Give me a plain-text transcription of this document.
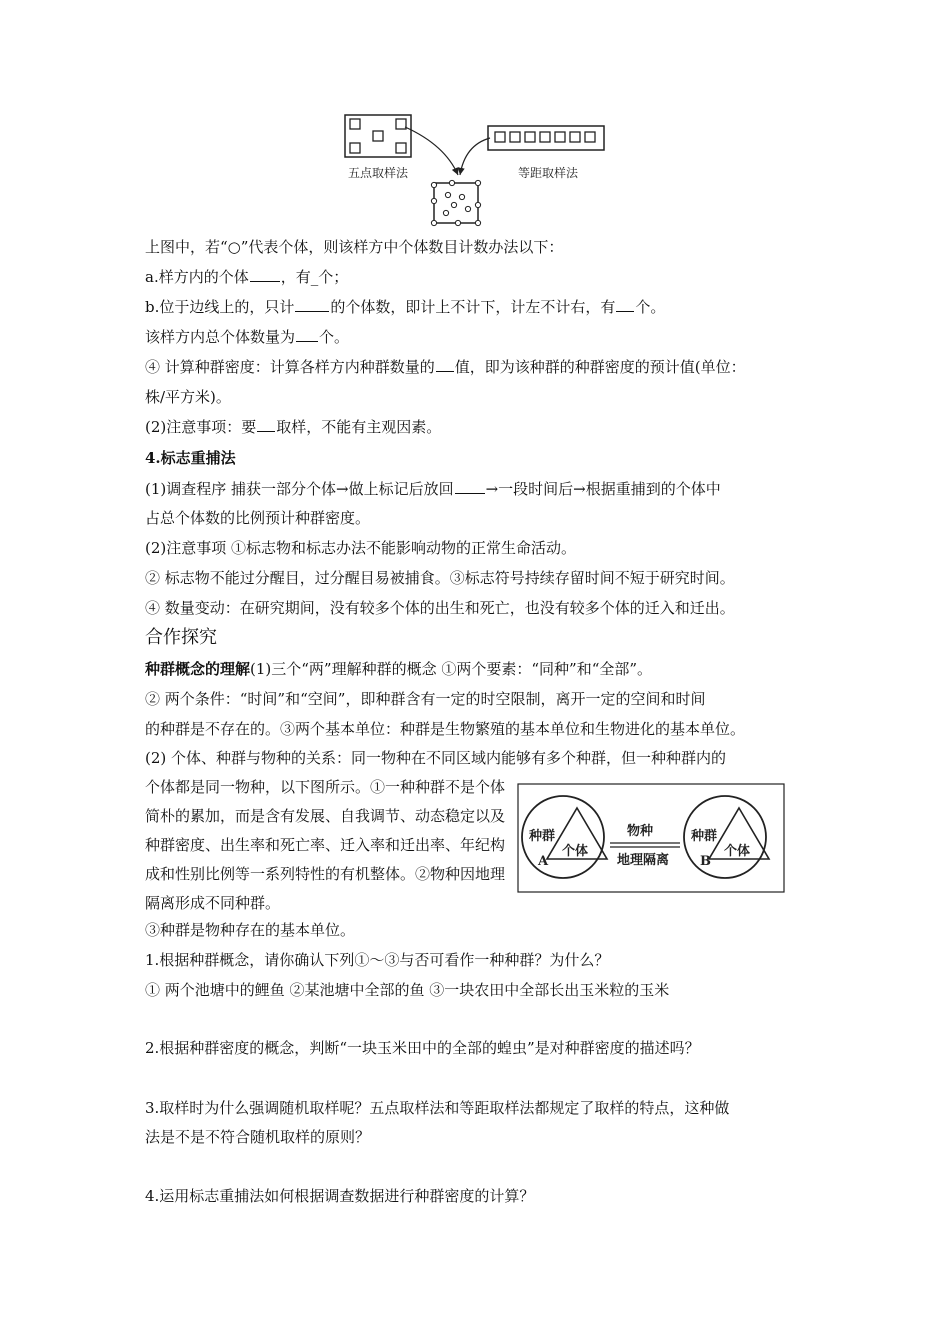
五点取样法	等距取样法
上图中，若“○”代表个体，则该样方中个体数目计数办法以下：
a.样方内的个体 ，有_个；
b.位于边线上的，只计 的个体数，即计上不计下，计左不计右，有 个。
该样方内总个体数量为 个。
④ 计算种群密度：计算各样方内种群数量的 值，即为该种群的种群密度的预计值(单位：
株/平方米)。
(2)注意事项：要 取样，不能有主观因素。
4.标志重捕法
(1)调查程序 捕获一部分个体→做上标记后放回 →一段时间后→根据重捕到的个体中
占总个体数的比例预计种群密度。
(2)注意事项 ①标志物和标志办法不能影响动物的正常生命活动。
② 标志物不能过分醒目，过分醒目易被捕食。③标志符号持续存留时间不短于研究时间。
④ 数量变动：在研究期间，没有较多个体的出生和死亡，也没有较多个体的迁入和迁出。
合作探究
种群概念的理解(1)三个“两”理解种群的概念 ①两个要素：“同种”和“全部”。
② 两个条件：“时间”和“空间”，即种群含有一定的时空限制，离开一定的空间和时间
的种群是不存在的。③两个基本单位：种群是生物繁殖的基本单位和生物进化的基本单位。
(2) 个体、种群与物种的关系：同一物种在不同区域内能够有多个种群，但一种种群内的
个体都是同一物种，以下图所示。①一种种群不是个体简朴的累加，而是含有发展、自我调节、动态稳定以及种群密度、出生率和死亡率、迁入率和迁出率、年纪构成和性别比例等一系列特性的有机整体。②物种因地理隔离形成不同种群。
种群
个体
A
物种
地理隔离
种群
个体
B
③种群是物种存在的基本单位。
1.根据种群概念，请你确认下列①～③与否可看作一种种群？为什么？
① 两个池塘中的鲤鱼 ②某池塘中全部的鱼 ③一块农田中全部长出玉米粒的玉米
2.根据种群密度的概念，判断“一块玉米田中的全部的蝗虫”是对种群密度的描述吗？
3.取样时为什么强调随机取样呢？五点取样法和等距取样法都规定了取样的特点，这种做
法是不是不符合随机取样的原则？
4.运用标志重捕法如何根据调查数据进行种群密度的计算？
